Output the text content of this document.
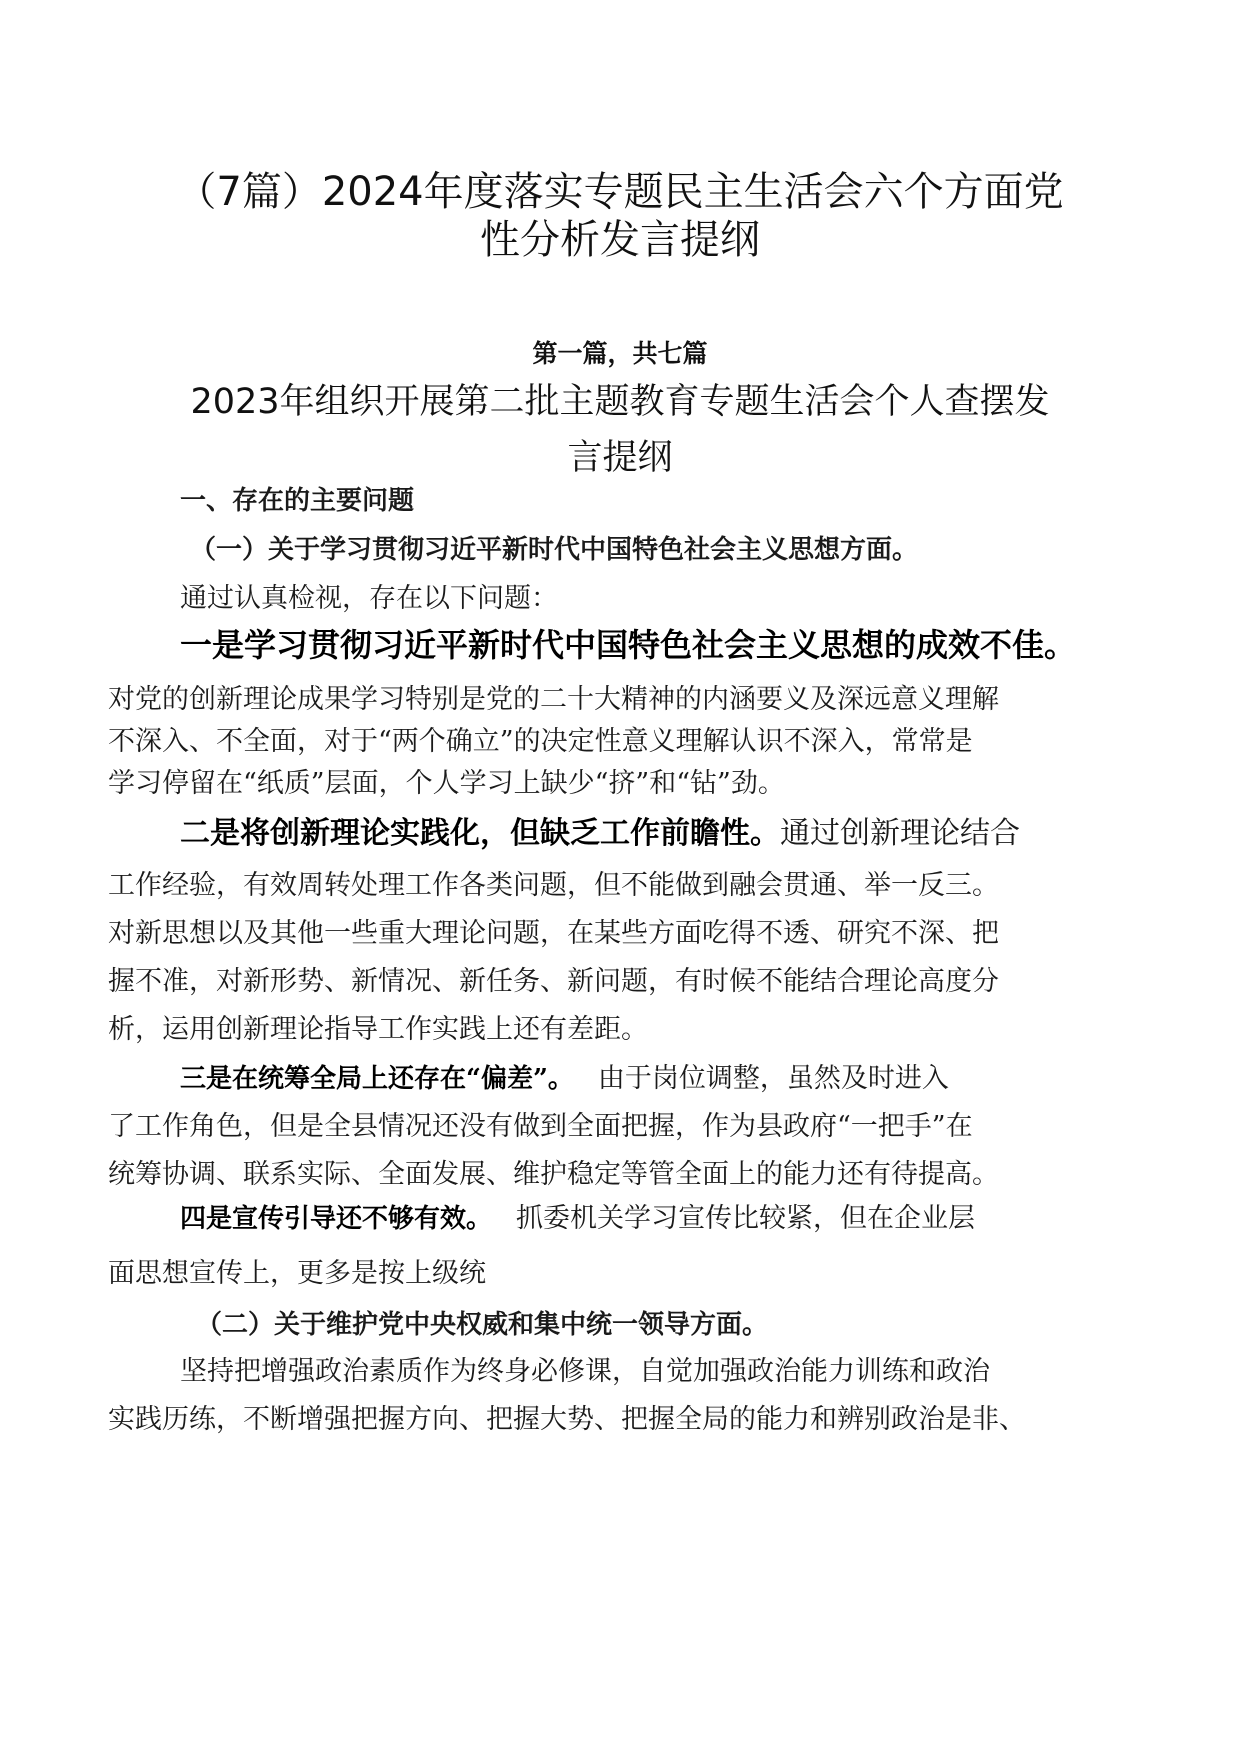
（7篇）2024年度落实专题民主生活会六个方面党
性分析发言提纲
第一篇，共七篇
2023年组织开展第二批主题教育专题生活会个人查摆发
言提纲
一、存在的主要问题
（一）关于学习贯彻习近平新时代中国特色社会主义思想方面。
通过认真检视，存在以下问题：
一是学习贯彻习近平新时代中国特色社会主义思想的成效不佳。
对党的创新理论成果学习特别是党的二十大精神的内涵要义及深远意义理解
不深入、不全面，对于“两个确立”的决定性意义理解认识不深入，常常是
学习停留在“纸质”层面，个人学习上缺少“挤”和“钻”劲。
二是将创新理论实践化，但缺乏工作前瞻性。通过创新理论结合
工作经验，有效周转处理工作各类问题，但不能做到融会贯通、举一反三。
对新思想以及其他一些重大理论问题，在某些方面吃得不透、研究不深、把
握不准，对新形势、新情况、新任务、新问题，有时候不能结合理论高度分
析，运用创新理论指导工作实践上还有差距。
三是在统筹全局上还存在“偏差”。 由于岗位调整，虽然及时进入
了工作角色，但是全县情况还没有做到全面把握，作为县政府“一把手”在
统筹协调、联系实际、全面发展、维护稳定等管全面上的能力还有待提高。
四是宣传引导还不够有效。 抓委机关学习宣传比较紧，但在企业层
面思想宣传上，更多是按上级统
（二）关于维护党中央权威和集中统一领导方面。
坚持把增强政治素质作为终身必修课，自觉加强政治能力训练和政治
实践历练，不断增强把握方向、把握大势、把握全局的能力和辨别政治是非、
